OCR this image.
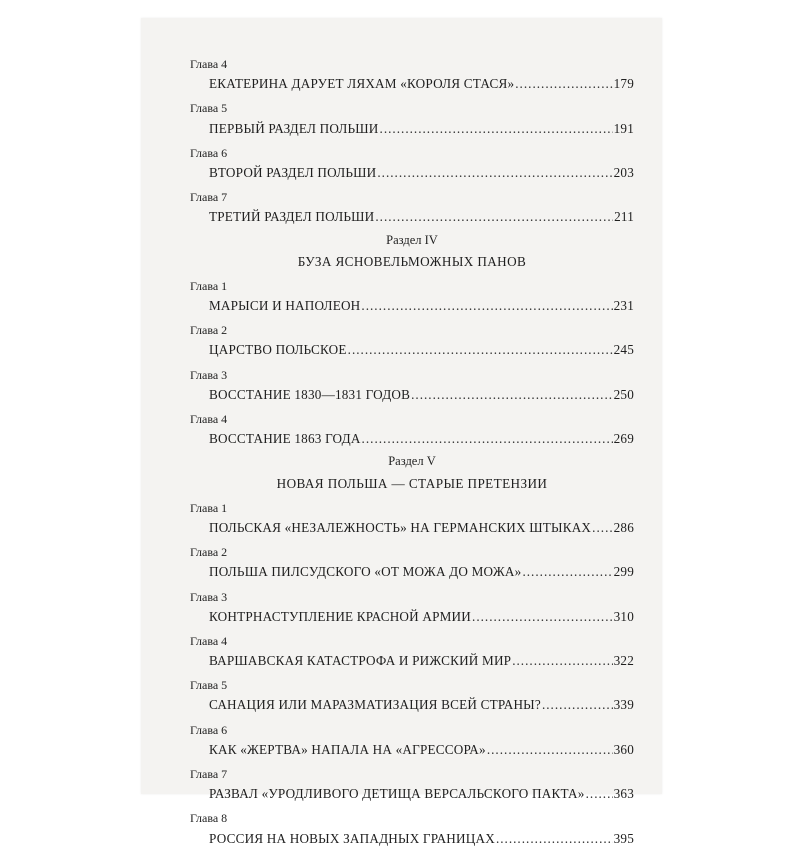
Глава 4
ЕКАТЕРИНА ДАРУЕТ ЛЯХАМ «КОРОЛЯ СТАСЯ» .....	179
Глава 5
ПЕРВЫЙ РАЗДЕЛ ПОЛЬШИ .....	191
Глава 6
ВТОРОЙ РАЗДЕЛ ПОЛЬШИ .....	203
Глава 7
ТРЕТИЙ РАЗДЕЛ ПОЛЬШИ .....	211
Раздел IV
БУЗА ЯСНОВЕЛЬМОЖНЫХ ПАНОВ
Глава 1
МАРЫСИ И НАПОЛЕОН .....	231
Глава 2
ЦАРСТВО ПОЛЬСКОЕ .....	245
Глава 3
ВОССТАНИЕ 1830—1831 ГОДОВ .....	250
Глава 4
ВОССТАНИЕ 1863 ГОДА .....	269
Раздел V
НОВАЯ ПОЛЬША — СТАРЫЕ ПРЕТЕНЗИИ
Глава 1
ПОЛЬСКАЯ «НЕЗАЛЕЖНОСТЬ» НА ГЕРМАНСКИХ ШТЫКАХ ..... 286
Глава 2
ПОЛЬША ПИЛСУДСКОГО «ОТ МОЖА ДО МОЖА» .....	299
Глава 3
КОНТРНАСТУПЛЕНИЕ КРАСНОЙ АРМИИ .....	310
Глава 4
ВАРШАВСКАЯ КАТАСТРОФА И РИЖСКИЙ МИР .....	322
Глава 5
САНАЦИЯ ИЛИ МАРАЗМАТИЗАЦИЯ ВСЕЙ СТРАНЫ? .....	339
Глава 6
КАК «ЖЕРТВА» НАПАЛА НА «АГРЕССОРА» .....	360
Глава 7
РАЗВАЛ «УРОДЛИВОГО ДЕТИЩА ВЕРСАЛЬСКОГО ПАКТА» ..... 363
Глава 8
РОССИЯ НА НОВЫХ ЗАПАДНЫХ ГРАНИЦАХ .....	395
